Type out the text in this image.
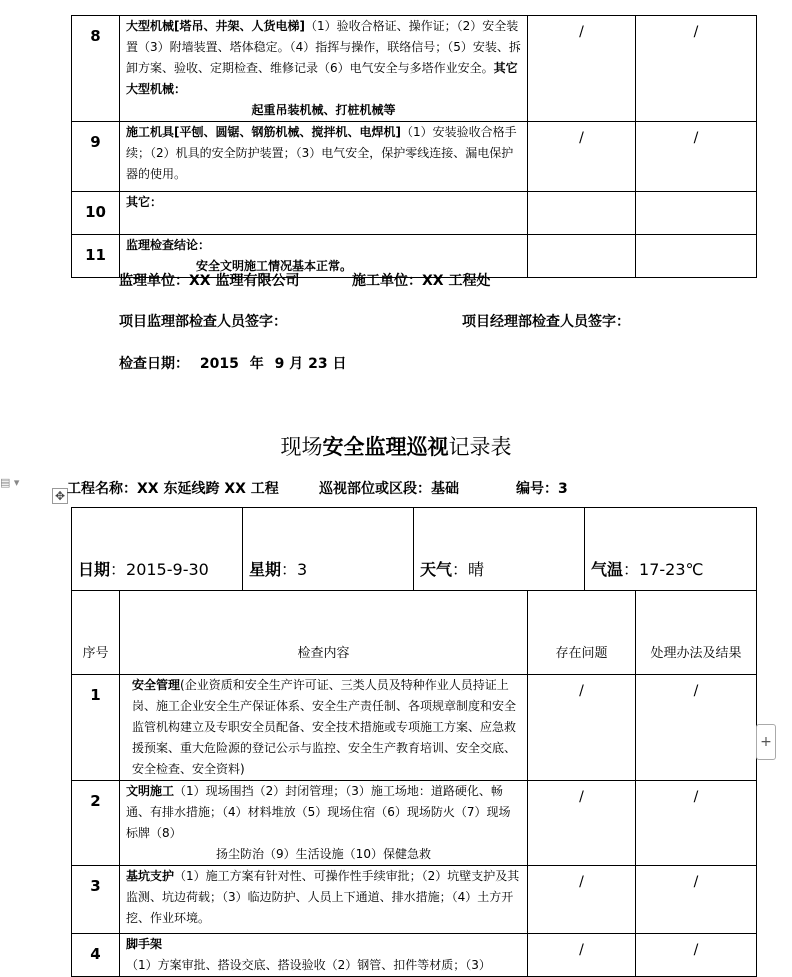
8	大型机械[塔吊、井架、人货电梯]（1）验收合格证、操作证；（2）安全装置（3）附墙装置、塔体稳定。（4）指挥与操作，联络信号；（5）安装、拆卸方案、验收、定期检查、维修记录（6）电气安全与多塔作业安全。其它大型机械：

起重吊装机械、打桩机械等	/	/
9	施工机具[平刨、圆锯、钢筋机械、搅拌机、电焊机]（1）安装验收合格手续；（2）机具的安全防护装置；（3）电气安全，保护零线连接、漏电保护器的使用。	/	/
10	其它：		
11	监理检查结论：
安全文明施工情况基本正常。		
监理单位：XX 监理有限公司	施工单位：XX 工程处
项目监理部检查人员签字：	项目经理部检查人员签字：
检查日期： 2015 年 9 月 23 日
现场安全监理巡视记录表
▤ ▾
✥ 工程名称：XX 东延线跨 XX 工程	巡视部位或区段：基础	编号：3
日期：2015-9-30	星期：3	天气：晴	气温：17-23℃
序号	检查内容	存在问题	处理办法及结果
1	安全管理(企业资质和安全生产许可证、三类人员及特种作业人员持证上岗、施工企业安全生产保证体系、安全生产责任制、各项规章制度和安全监管机构建立及专职安全员配备、安全技术措施或专项施工方案、应急救援预案、重大危险源的登记公示与监控、安全生产教育培训、安全交底、安全检查、安全资料)	/	/
2	文明施工（1）现场围挡（2）封闭管理；（3）施工场地：道路硬化、畅通、有排水措施；（4）材料堆放（5）现场住宿（6）现场防火（7）现场标牌（8）

扬尘防治（9）生活设施（10）保健急救	/	/
3	基坑支护（1）施工方案有针对性、可操作性手续审批；（2）坑壁支护及其监测、坑边荷载；（3）临边防护、人员上下通道、排水措施；（4）土方开挖、作业环境。	/	/
4	脚手架（1）方案审批、搭设交底、搭设验收（2）钢管、扣件等材质；（3）	/	/
+
